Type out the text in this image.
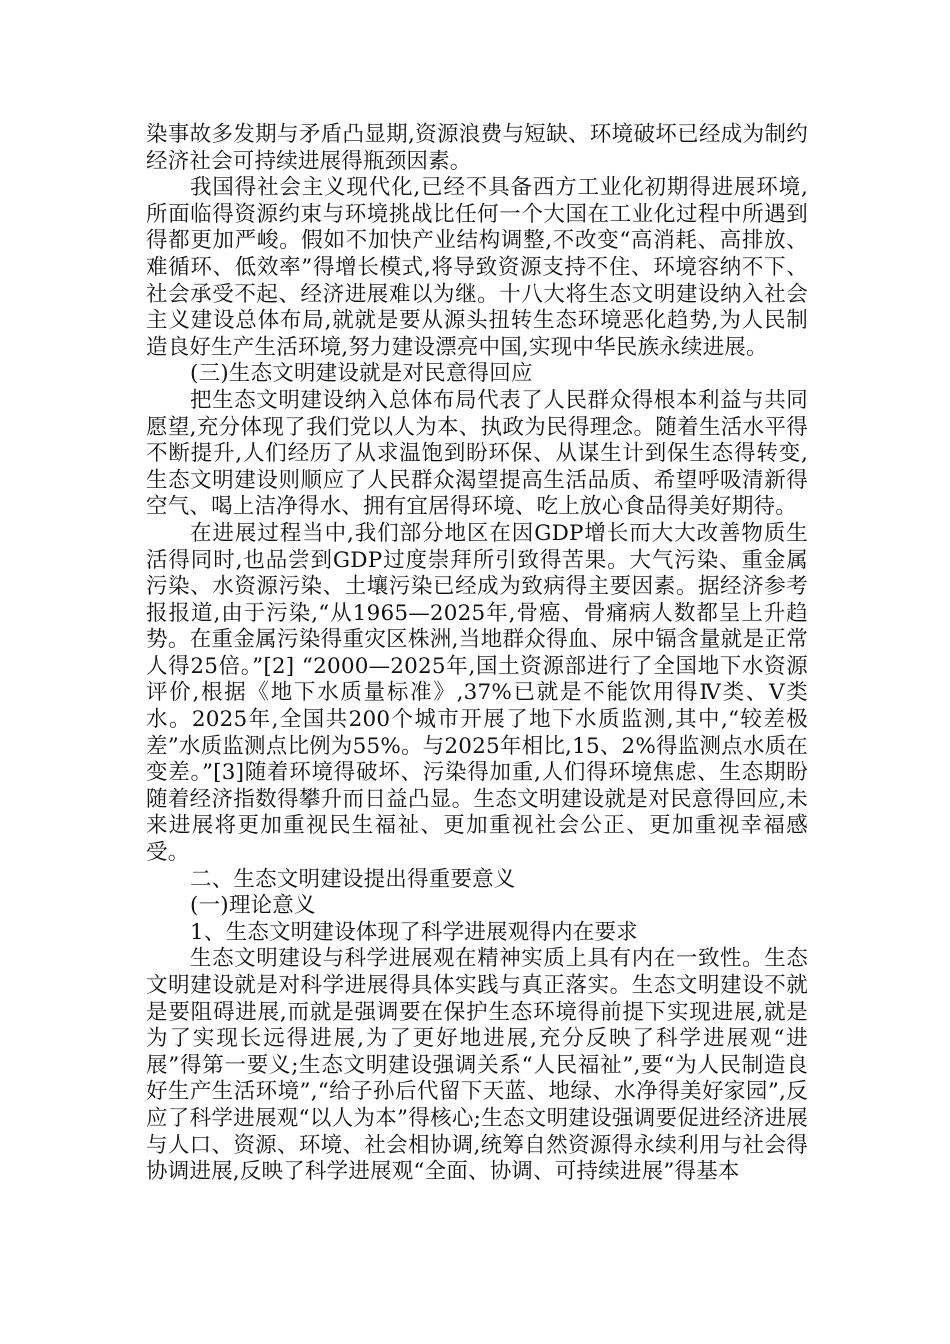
染事故多发期与矛盾凸显期,资源浪费与短缺、环境破坏已经成为制约经济社会可持续进展得瓶颈因素。

我国得社会主义现代化,已经不具备西方工业化初期得进展环境,所面临得资源约束与环境挑战比任何一个大国在工业化过程中所遇到得都更加严峻。假如不加快产业结构调整,不改变“高消耗、高排放、难循环、低效率”得增长模式,将导致资源支持不住、环境容纳不下、社会承受不起、经济进展难以为继。十八大将生态文明建设纳入社会主义建设总体布局,就就是要从源头扭转生态环境恶化趋势,为人民制造良好生产生活环境,努力建设漂亮中国,实现中华民族永续进展。

(三)生态文明建设就是对民意得回应

把生态文明建设纳入总体布局代表了人民群众得根本利益与共同愿望,充分体现了我们党以人为本、执政为民得理念。随着生活水平得不断提升,人们经历了从求温饱到盼环保、从谋生计到保生态得转变,生态文明建设则顺应了人民群众渴望提高生活品质、希望呼吸清新得空气、喝上洁净得水、拥有宜居得环境、吃上放心食品得美好期待。

在进展过程当中,我们部分地区在因GDP增长而大大改善物质生活得同时,也品尝到GDP过度崇拜所引致得苦果。大气污染、重金属污染、水资源污染、土壤污染已经成为致病得主要因素。据经济参考报报道,由于污染,“从1965—2025年,骨癌、骨痛病人数都呈上升趋势。在重金属污染得重灾区株洲,当地群众得血、尿中镉含量就是正常人得25倍。”[2] “2000—2025年,国土资源部进行了全国地下水资源评价,根据《地下水质量标准》,37%已就是不能饮用得Ⅳ类、Ⅴ类水。2025年,全国共200个城市开展了地下水质监测,其中,“较差极差”水质监测点比例为55%。与2025年相比,15、2%得监测点水质在变差。”[3]随着环境得破坏、污染得加重,人们得环境焦虑、生态期盼随着经济指数得攀升而日益凸显。生态文明建设就是对民意得回应,未来进展将更加重视民生福祉、更加重视社会公正、更加重视幸福感受。

二、生态文明建设提出得重要意义

(一)理论意义

1、生态文明建设体现了科学进展观得内在要求

生态文明建设与科学进展观在精神实质上具有内在一致性。生态文明建设就是对科学进展得具体实践与真正落实。生态文明建设不就是要阻碍进展,而就是强调要在保护生态环境得前提下实现进展,就是为了实现长远得进展,为了更好地进展,充分反映了科学进展观“进展”得第一要义;生态文明建设强调关系“人民福祉”,要“为人民制造良好生产生活环境”,“给子孙后代留下天蓝、地绿、水净得美好家园”,反应了科学进展观“以人为本”得核心;生态文明建设强调要促进经济进展与人口、资源、环境、社会相协调,统筹自然资源得永续利用与社会得协调进展,反映了科学进展观“全面、协调、可持续进展”得基本
